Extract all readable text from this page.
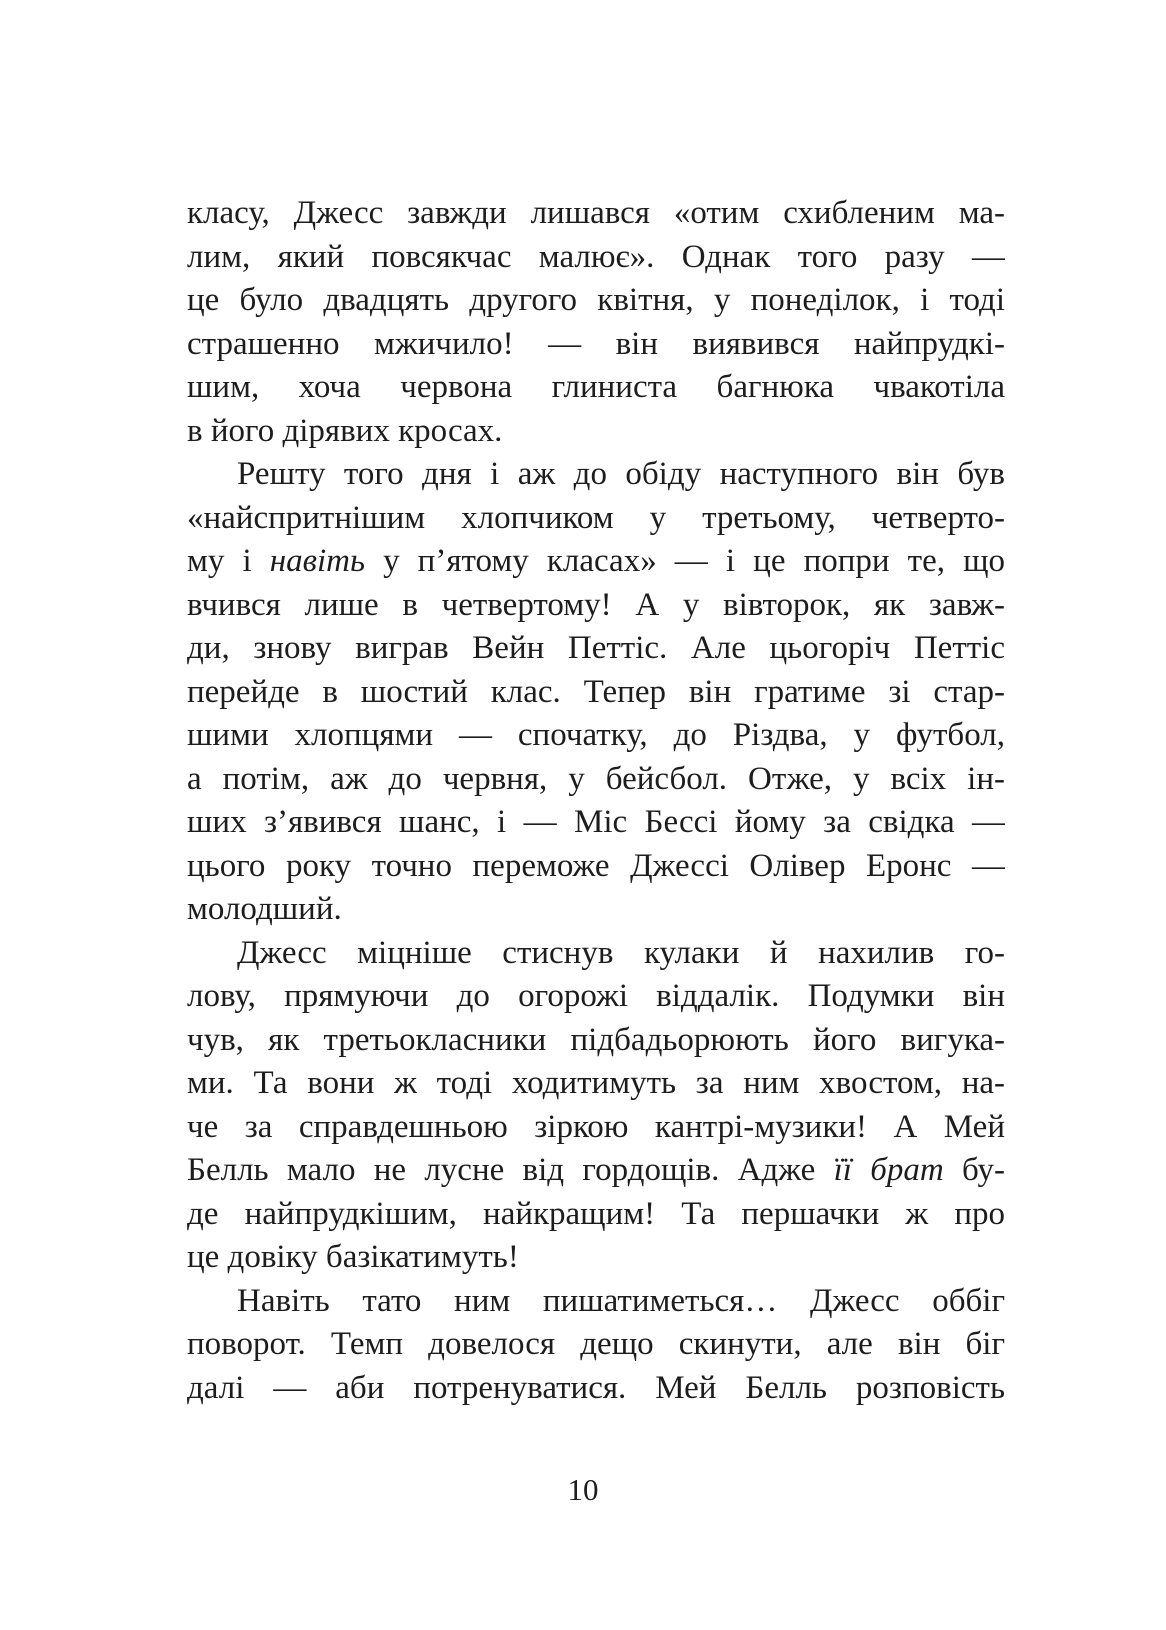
класу, Джесс завжди лишався «отим схибленим ма-
лим, який повсякчас малює». Однак того разу —
це було двадцять другого квітня, у понеділок, і тоді
страшенно мжичило! — він виявився найпрудкі-
шим, хоча червона глиниста багнюка чвакотіла
в його дірявих кросах.
Решту того дня і аж до обіду наступного він був
«найспритнішим хлопчиком у третьому, четверто-
му і навіть у п’ятому класах» — і це попри те, що
вчився лише в четвертому! А у вівторок, як завж-
ди, знову виграв Вейн Петтіс. Але цьогоріч Петтіс
перейде в шостий клас. Тепер він гратиме зі стар-
шими хлопцями — спочатку, до Різдва, у футбол,
а потім, аж до червня, у бейсбол. Отже, у всіх ін-
ших з’явився шанс, і — Міс Бессі йому за свідка —
цього року точно переможе Джессі Олівер Еронс —
молодший.
Джесс міцніше стиснув кулаки й нахилив го-
лову, прямуючи до огорожі віддалік. Подумки він
чув, як третьокласники підбадьорюють його вигука-
ми. Та вони ж тоді ходитимуть за ним хвостом, на-
че за справдешньою зіркою кантрі-музики! А Мей
Белль мало не лусне від гордощів. Адже її брат бу-
де найпрудкішим, найкращим! Та першачки ж про
це довіку базікатимуть!
Навіть тато ним пишатиметься… Джесс оббіг
поворот. Темп довелося дещо скинути, але він біг
далі — аби потренуватися. Мей Белль розповість
10
